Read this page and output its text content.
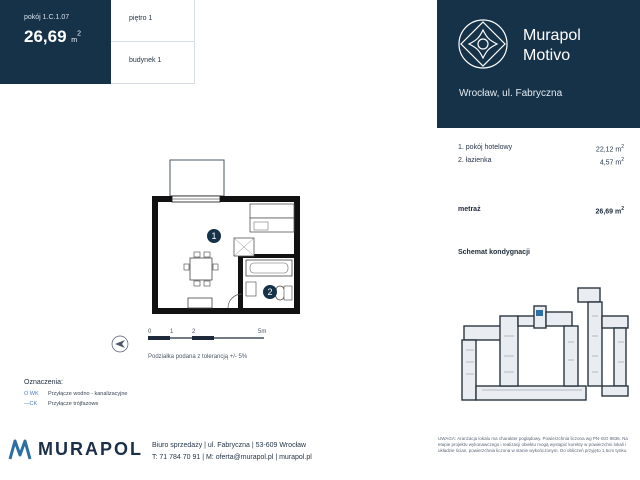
pokój 1.C.1.07
26,69 $m^2$
piętro 1
budynek 1
Murapol
Motivo
Wrocław, ul. Fabryczna
1. pokój hotelowy	22,12 $m^2$
2. łazienka	4,57 $m^2$
metraż	26,69 $m^2$
Schemat kondygnacji
1
2
0	1	2	5m
Podziałka podana z tolerancją +/- 5%
Oznaczenia:
O WK	Przyłącze wodno - kanalizacyjne
—CK	Przyłącze trójfazowe
MURAPOL Biuro sprzedaży | ul. Fabryczna | 53-609 Wrocław
T: 71 784 70 91 | M: oferta@murapol.pl | murapol.pl
UWAGA: Aranżacja lokalu ma charakter poglądowy. Powierzchnia liczona wg PN-ISO 9836. Na etapie projektu wykonawczego i realizacji obiektu mogą wystąpić korekty w powierzchni lokali i układzie ścian, powierzchnia liczona w stanie wykończonym. Do obliczeń przyjęto 1,5cm tynku.
